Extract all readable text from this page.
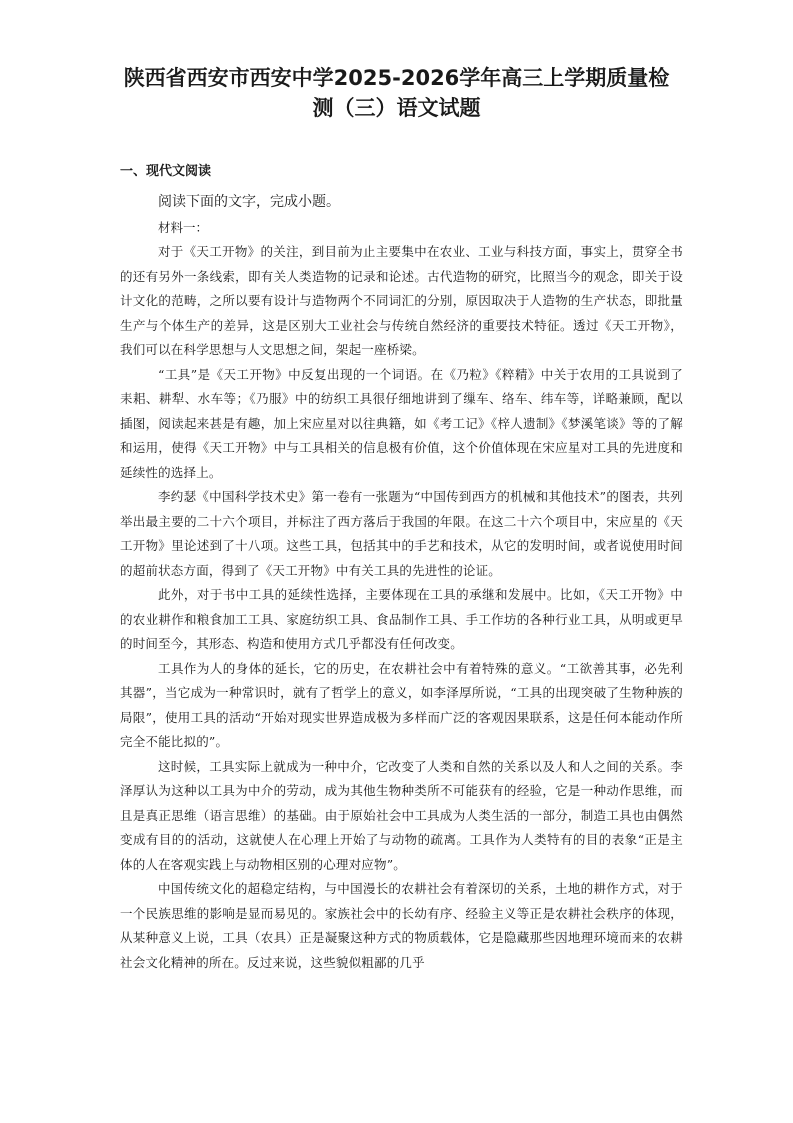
陕西省西安市西安中学2025-2026学年高三上学期质量检
测（三）语文试题
一、现代文阅读
阅读下面的文字，完成小题。
材料一：

对于《天工开物》的关注，到目前为止主要集中在农业、工业与科技方面，事实上，贯穿全书的还有另外一条线索，即有关人类造物的记录和论述。古代造物的研究，比照当今的观念，即关于设计文化的范畴，之所以要有设计与造物两个不同词汇的分别，原因取决于人造物的生产状态，即批量生产与个体生产的差异，这是区别大工业社会与传统自然经济的重要技术特征。透过《天工开物》，我们可以在科学思想与人文思想之间，架起一座桥梁。

“工具”是《天工开物》中反复出现的一个词语。在《乃粒》《粹精》中关于农用的工具说到了耒耜、耕犁、水车等；《乃服》中的纺织工具很仔细地讲到了缫车、络车、纬车等，详略兼顾，配以插图，阅读起来甚是有趣，加上宋应星对以往典籍，如《考工记》《梓人遗制》《梦溪笔谈》等的了解和运用，使得《天工开物》中与工具相关的信息极有价值，这个价值体现在宋应星对工具的先进度和延续性的选择上。

李约瑟《中国科学技术史》第一卷有一张题为“中国传到西方的机械和其他技术”的图表，共列举出最主要的二十六个项目，并标注了西方落后于我国的年限。在这二十六个项目中，宋应星的《天工开物》里论述到了十八项。这些工具，包括其中的手艺和技术，从它的发明时间，或者说使用时间的超前状态方面，得到了《天工开物》中有关工具的先进性的论证。

此外，对于书中工具的延续性选择，主要体现在工具的承继和发展中。比如，《天工开物》中的农业耕作和粮食加工工具、家庭纺织工具、食品制作工具、手工作坊的各种行业工具，从明或更早的时间至今，其形态、构造和使用方式几乎都没有任何改变。

工具作为人的身体的延长，它的历史，在农耕社会中有着特殊的意义。“工欲善其事，必先利其器”，当它成为一种常识时，就有了哲学上的意义，如李泽厚所说，“工具的出现突破了生物种族的局限”，使用工具的活动“开始对现实世界造成极为多样而广泛的客观因果联系，这是任何本能动作所完全不能比拟的”。

这时候，工具实际上就成为一种中介，它改变了人类和自然的关系以及人和人之间的关系。李泽厚认为这种以工具为中介的劳动，成为其他生物种类所不可能获有的经验，它是一种动作思维，而且是真正思维（语言思维）的基础。由于原始社会中工具成为人类生活的一部分，制造工具也由偶然变成有目的的活动，这就使人在心理上开始了与动物的疏离。工具作为人类特有的目的表象“正是主体的人在客观实践上与动物相区别的心理对应物”。

中国传统文化的超稳定结构，与中国漫长的农耕社会有着深切的关系，土地的耕作方式，对于一个民族思维的影响是显而易见的。家族社会中的长幼有序、经验主义等正是农耕社会秩序的体现，从某种意义上说，工具（农具）正是凝聚这种方式的物质载体，它是隐藏那些因地理环境而来的农耕社会文化精神的所在。反过来说，这些貌似粗鄙的几乎
